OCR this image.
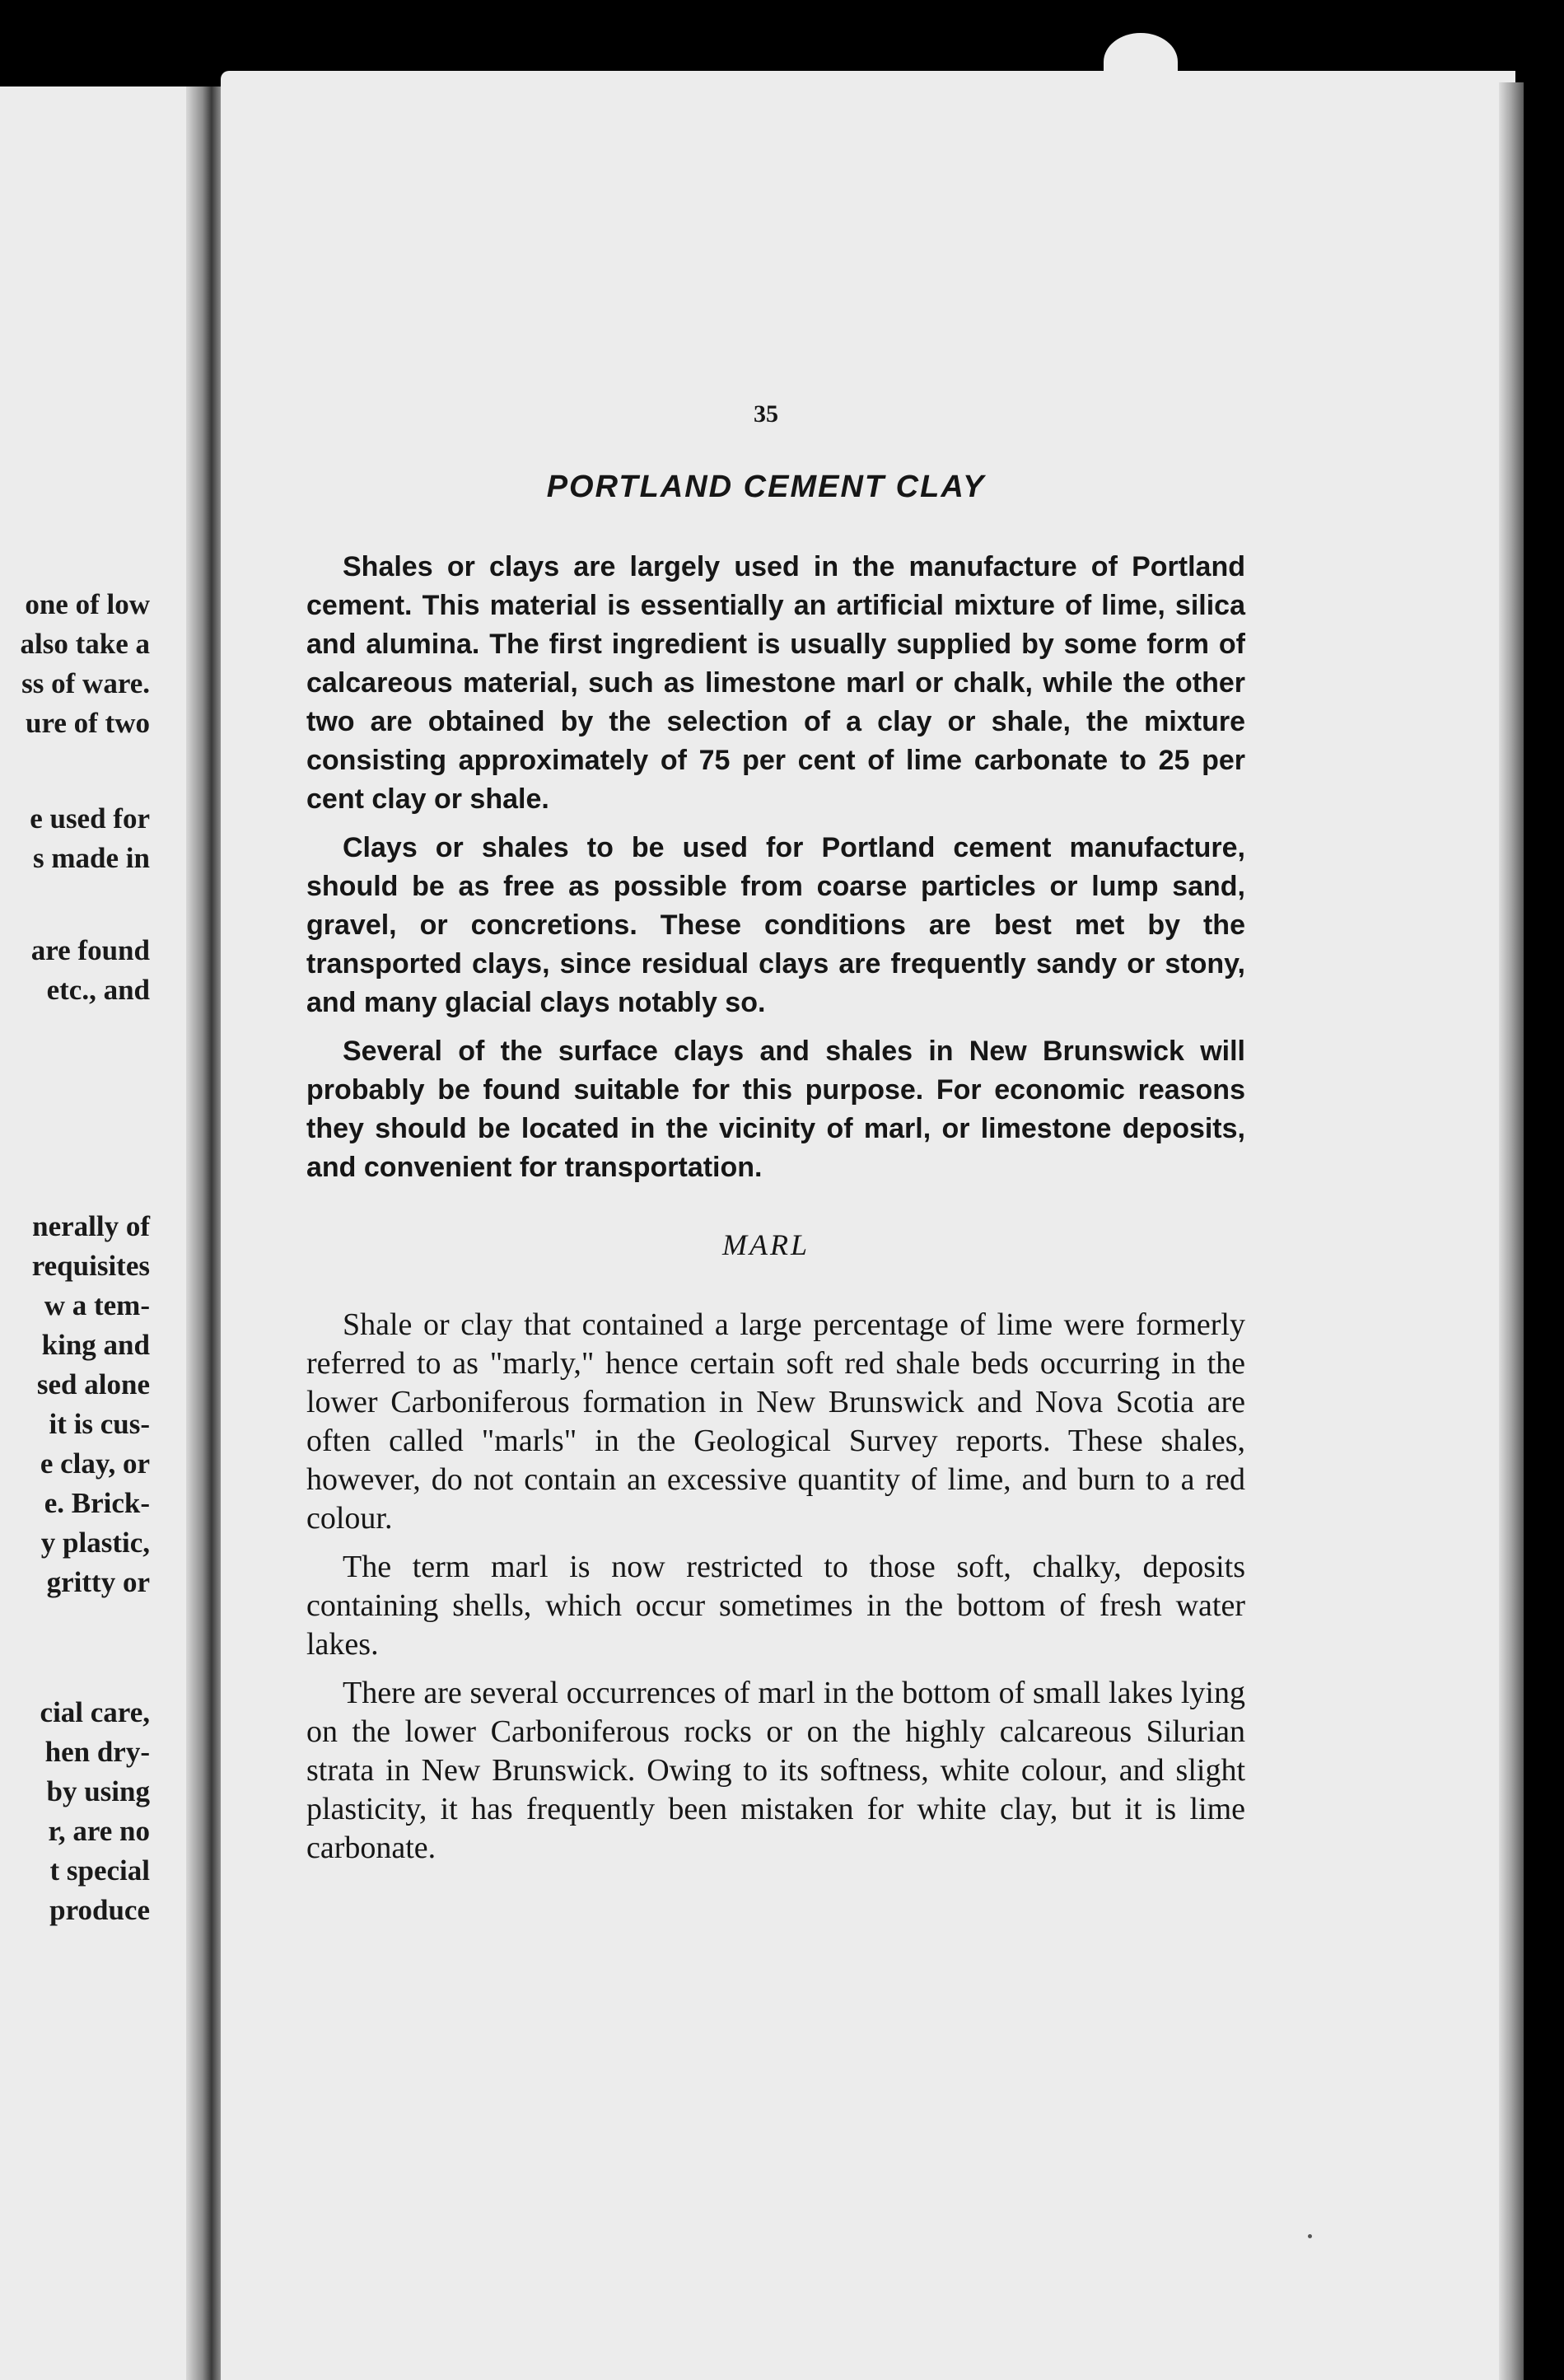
one of low
also take a
ss of ware.
ure of two
e used for
s made in
are found
etc., and
nerally of
requisites
w a tem-
king and
sed alone
it is cus-
e clay, or
e. Brick-
y plastic,
gritty or
cial care,
hen dry-
by using
r, are no
t special
produce
35
PORTLAND CEMENT CLAY

Shales or clays are largely used in the manufacture of Portland cement. This material is essentially an artificial mixture of lime, silica and alumina. The first ingredient is usually supplied by some form of calcareous material, such as limestone marl or chalk, while the other two are obtained by the selection of a clay or shale, the mixture consisting approximately of 75 per cent of lime carbonate to 25 per cent clay or shale.

Clays or shales to be used for Portland cement manufacture, should be as free as possible from coarse particles or lump sand, gravel, or concretions. These conditions are best met by the transported clays, since residual clays are frequently sandy or stony, and many glacial clays notably so.

Several of the surface clays and shales in New Brunswick will probably be found suitable for this purpose. For economic reasons they should be located in the vicinity of marl, or limestone deposits, and convenient for transportation.

MARL

Shale or clay that contained a large percentage of lime were formerly referred to as "marly," hence certain soft red shale beds occurring in the lower Carboniferous formation in New Brunswick and Nova Scotia are often called "marls" in the Geological Survey reports. These shales, however, do not contain an excessive quantity of lime, and burn to a red colour.

The term marl is now restricted to those soft, chalky, deposits containing shells, which occur sometimes in the bottom of fresh water lakes.

There are several occurrences of marl in the bottom of small lakes lying on the lower Carboniferous rocks or on the highly calcareous Silurian strata in New Brunswick. Owing to its softness, white colour, and slight plasticity, it has frequently been mistaken for white clay, but it is lime carbonate.
